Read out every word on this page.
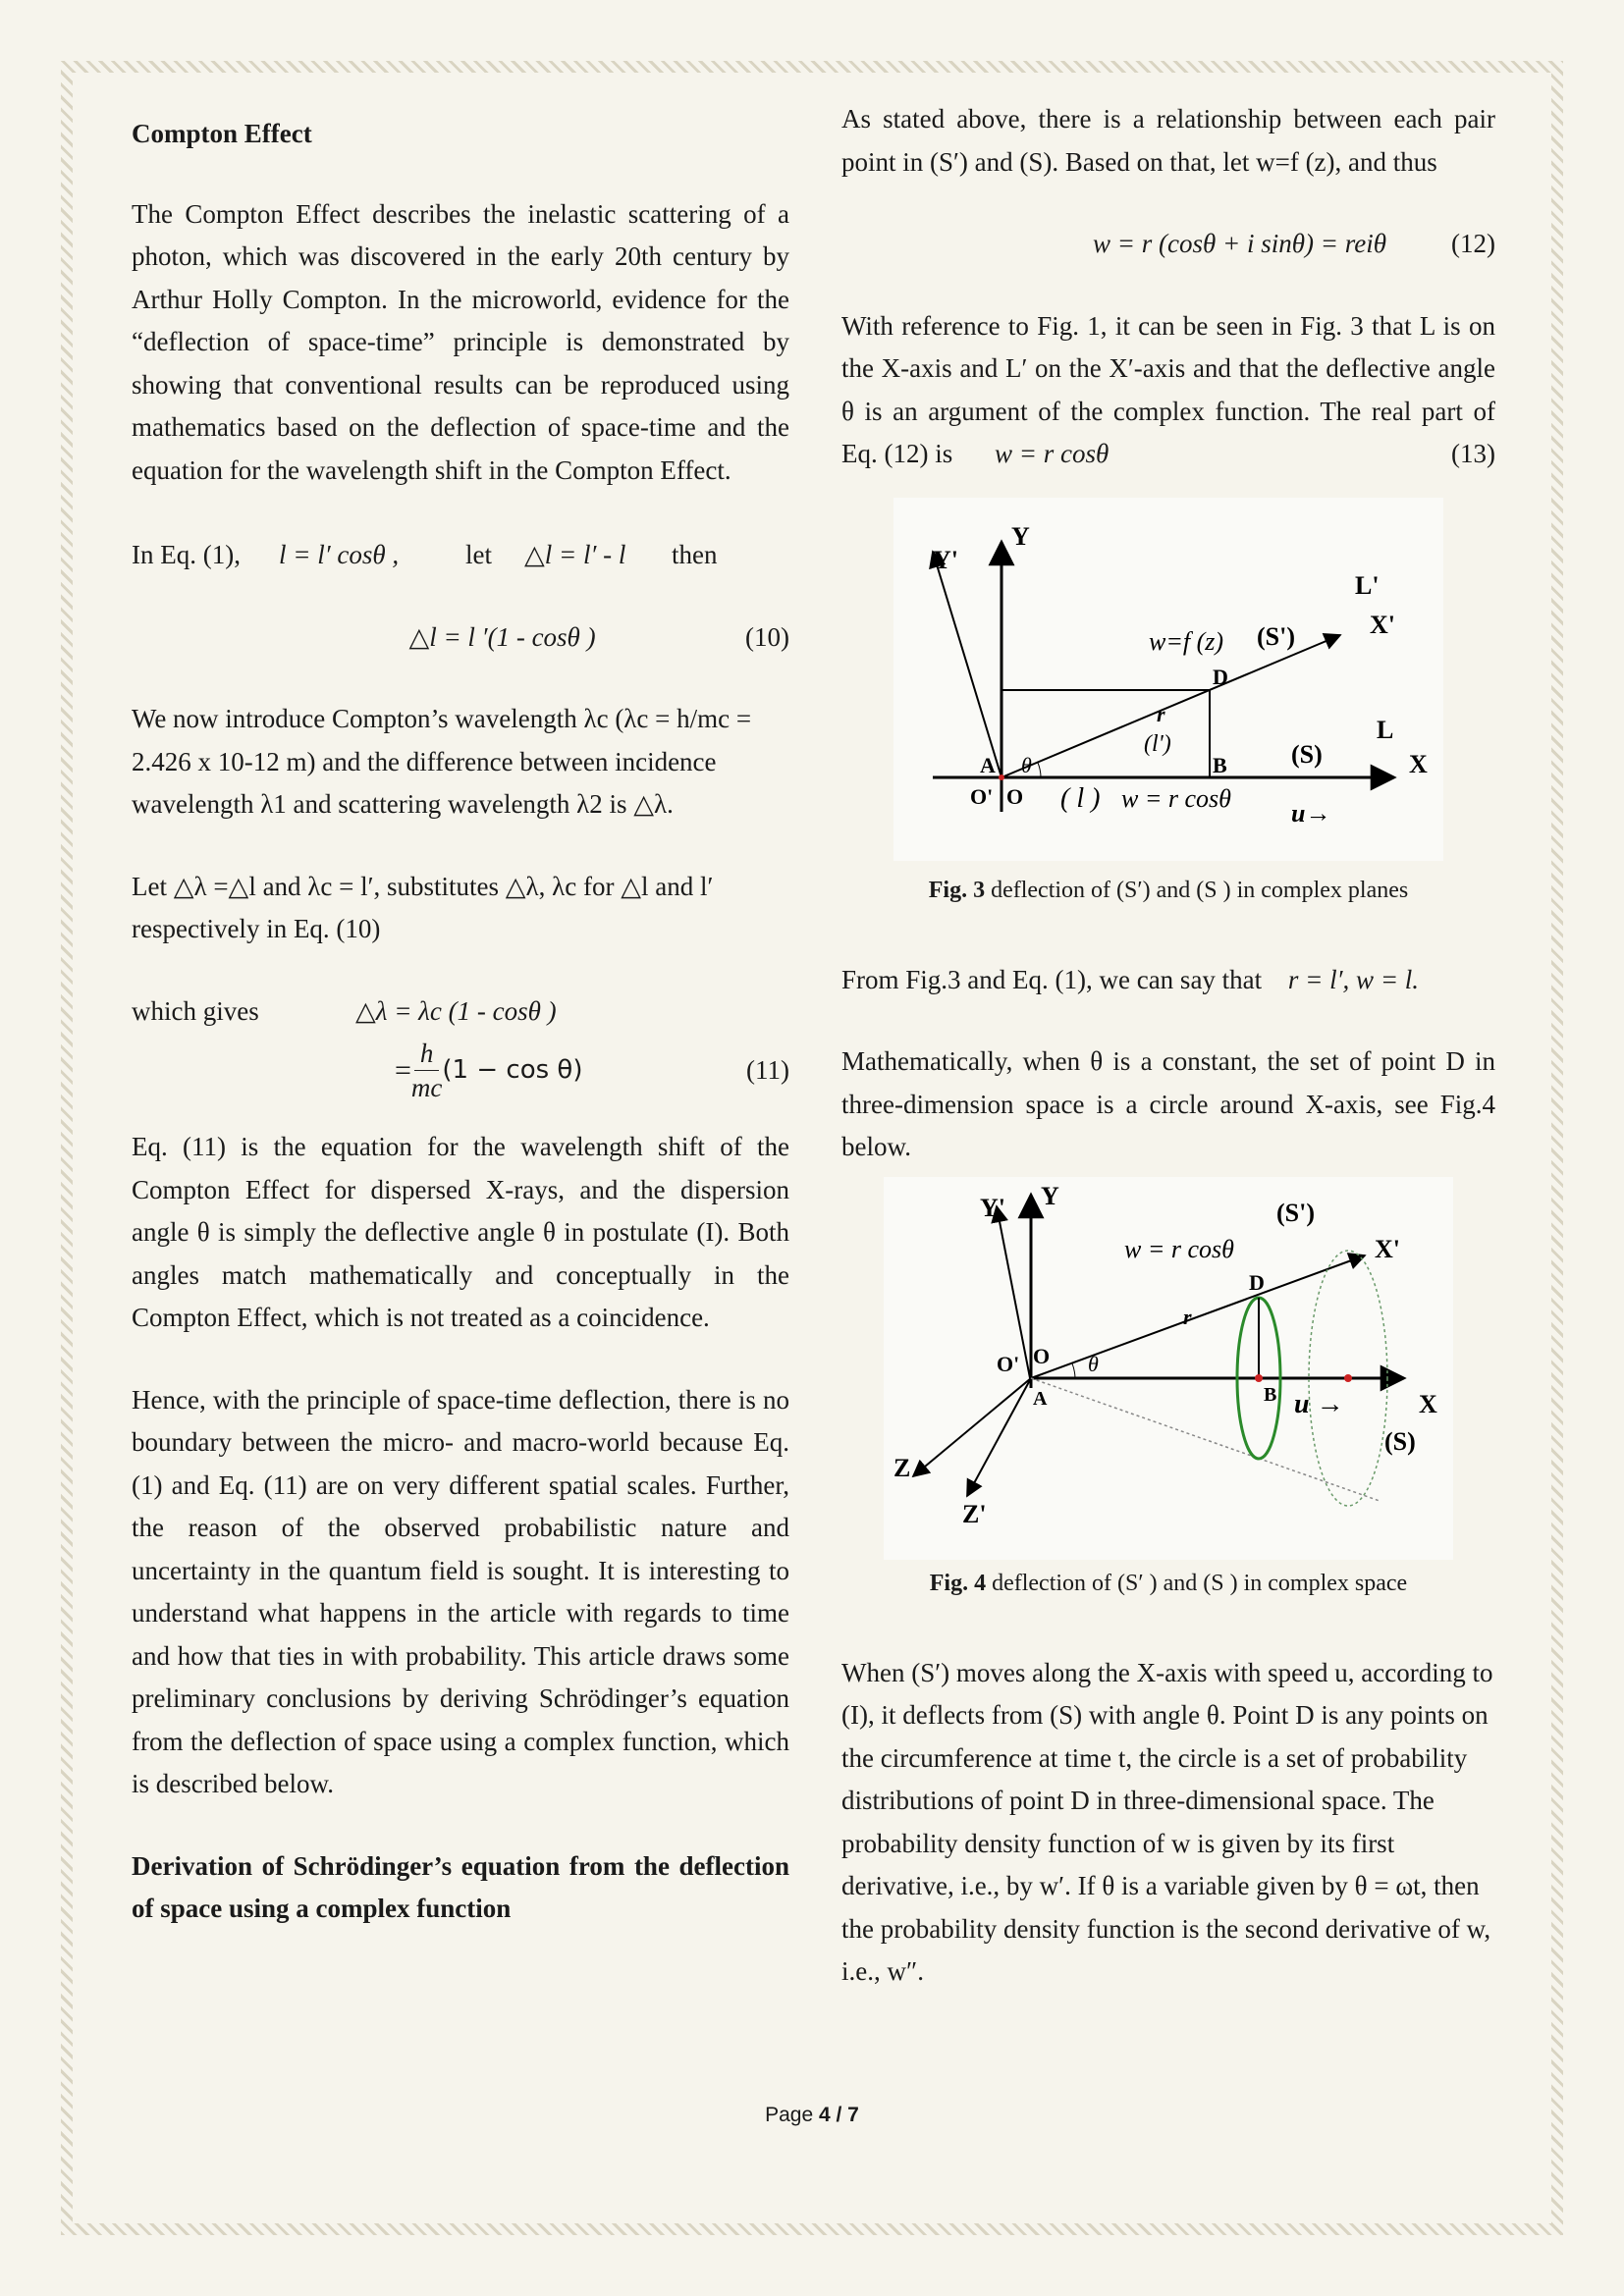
Compton Effect

The Compton Effect describes the inelastic scattering of a photon, which was discovered in the early 20th century by Arthur Holly Compton. In the microworld, evidence for the “deflection of space-time” principle is demonstrated by showing that conventional results can be reproduced using mathematics based on the deflection of space-time and the equation for the wavelength shift in the Compton Effect.

In Eq. (1),	l = l′ cosθ ,	let	△l = l′ - l	then
△l = l ′(1 - cosθ )	(10)

We now introduce Compton’s wavelength λc (λc = h/mc = 2.426 x 10-12 m) and the difference between incidence wavelength λ1 and scattering wavelength λ2 is △λ.

Let △λ =△l and λc = l′, substitutes △λ, λc for △l and l′ respectively in Eq. (10)

which gives	△λ = λc (1 - cosθ )
= $\frac{h}{mc} (1 - \cos \theta)$	(11)

Eq. (11) is the equation for the wavelength shift of the Compton Effect for dispersed X-rays, and the dispersion angle θ is simply the deflective angle θ in postulate (I). Both angles match mathematically and conceptually in the Compton Effect, which is not treated as a coincidence.

Hence, with the principle of space-time deflection, there is no boundary between the micro- and macro-world because Eq. (1) and Eq. (11) are on very different spatial scales. Further, the reason of the observed probabilistic nature and uncertainty in the quantum field is sought. It is interesting to understand what happens in the article with regards to time and how that ties in with probability. This article draws some preliminary conclusions by deriving Schrödinger’s equation from the deflection of space using a complex function, which is described below.

Derivation of Schrödinger’s equation from the deflection of space using a complex function

As stated above, there is a relationship between each pair point in (S′) and (S). Based on that, let w=f (z), and thus

w = r (cosθ + i sinθ) = reiθ (12)

With reference to Fig. 1, it can be seen in Fig. 3 that L is on the X-axis and L′ on the X′-axis and that the deflective angle θ is an argument of the complex function. The real part of Eq. (12) is w = r cosθ	(13)

Y'
Y
L'
X'
w=f (z) (S')
D
r
(l')
B	(S)
L
X
A θ
O' O ( l ) w = r cosθ
u→

Fig. 3 deflection of (S′) and (S ) in complex planes

From Fig.3 and Eq. (1), we can say that r = l′, w = l.

Mathematically, when θ is a constant, the set of point D in three-dimension space is a circle around X-axis, see Fig.4 below.

Y' Y
(S')
X'
w = r cosθ
D
r
θ
O' O
A	B u →	X
(S)
Z
Z'

Fig. 4 deflection of (S′ ) and (S ) in complex space

When (S′) moves along the X-axis with speed u, according to (I), it deflects from (S) with angle θ. Point D is any points on the circumference at time t, the circle is a set of probability distributions of point D in three-dimensional space. The probability density function of w is given by its first derivative, i.e., by w′. If θ is a variable given by θ = ωt, then the probability density function is the second derivative of w, i.e., w″.

Page 4 / 7
